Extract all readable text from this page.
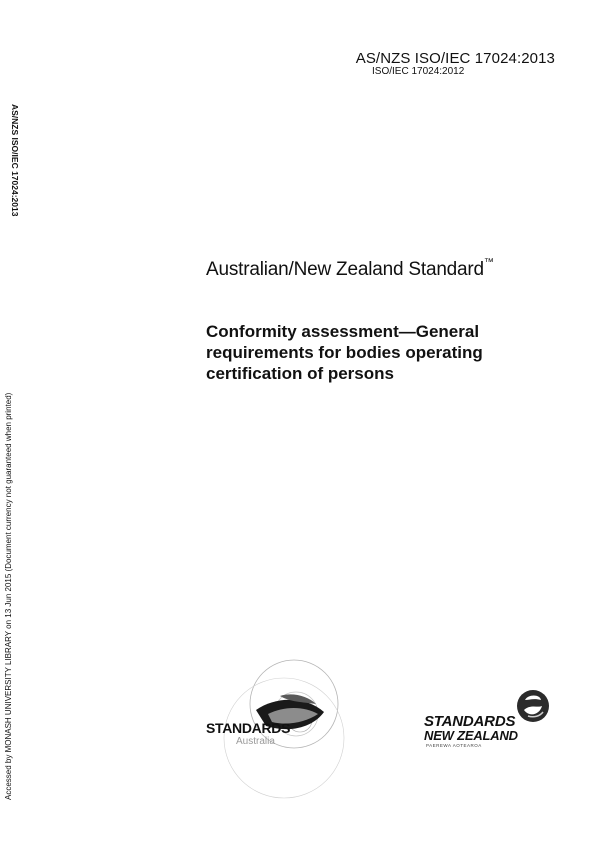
AS/NZS ISO/IEC 17024:2013
ISO/IEC 17024:2012
AS/NZS ISO/IEC 17024:2013
Accessed by MONASH UNIVERSITY LIBRARY on 13 Jun 2015 (Document currency not guaranteed when printed)
Australian/New Zealand Standard™
Conformity assessment—General
requirements for bodies operating
certification of persons
STANDARDS
Australia
STANDARDS
NEW ZEALAND
PAEREWA AOTEAROA
